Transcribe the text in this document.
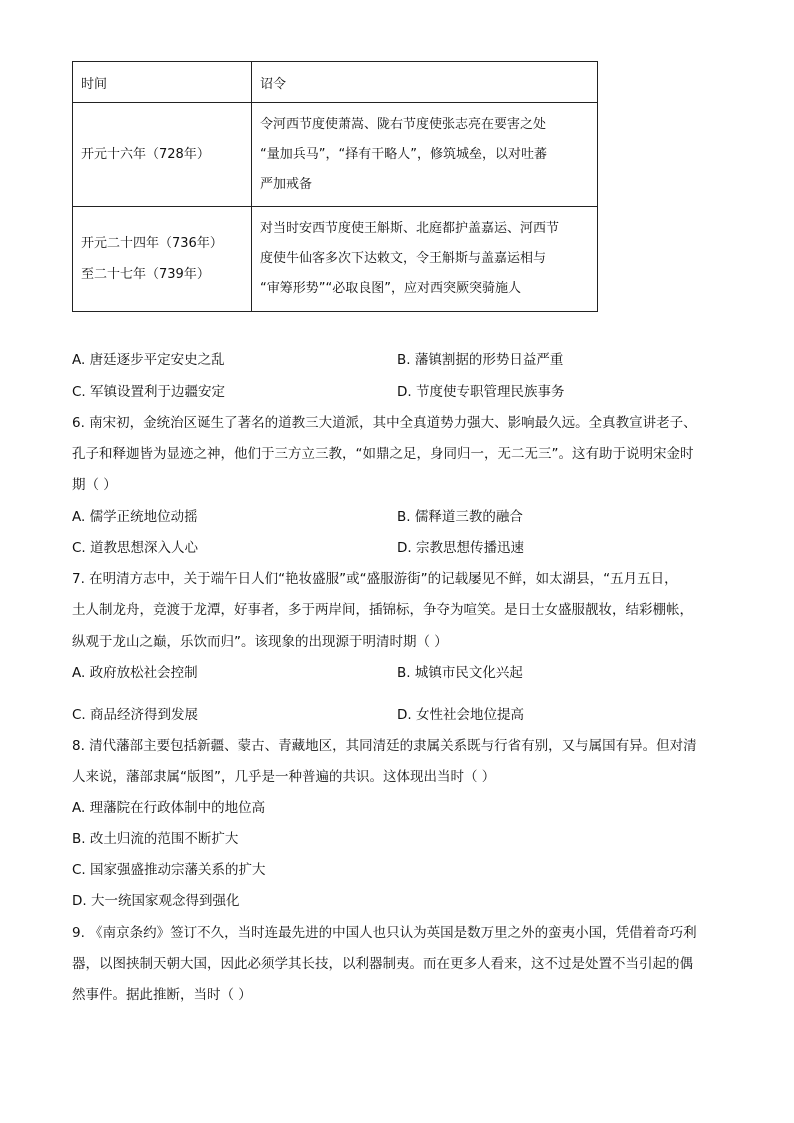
时间	诏令

开元十六年（728年）	令河西节度使萧嵩、陇右节度使张志亮在要害之处
“量加兵马”，“择有干略人”，修筑城垒，以对吐蕃
严加戒备

开元二十四年（736年）
至二十七年（739年）	对当时安西节度使王斛斯、北庭都护盖嘉运、河西节
度使牛仙客多次下达敕文，令王斛斯与盖嘉运相与
“审筹形势”“必取良图”，应对西突厥突骑施人
A. 唐廷逐步平定安史之乱	B. 藩镇割据的形势日益严重
C. 军镇设置利于边疆安定	D. 节度使专职管理民族事务
6. 南宋初，金统治区诞生了著名的道教三大道派，其中全真道势力强大、影响最久远。全真教宣讲老子、
孔子和释迦皆为显迹之神，他们于三方立三教，“如鼎之足，身同归一，无二无三”。这有助于说明宋金时
期（ ）
A. 儒学正统地位动摇	B. 儒释道三教的融合
C. 道教思想深入人心	D. 宗教思想传播迅速
7. 在明清方志中，关于端午日人们“艳妆盛服”或“盛服游街”的记载屡见不鲜，如太湖县，“五月五日，
土人制龙舟，竞渡于龙潭，好事者，多于两岸间，插锦标，争夺为喧笑。是日士女盛服靓妆，结彩棚帐，
纵观于龙山之巅，乐饮而归”。该现象的出现源于明清时期（ ）
A. 政府放松社会控制	B. 城镇市民文化兴起
C. 商品经济得到发展	D. 女性社会地位提高
8. 清代藩部主要包括新疆、蒙古、青藏地区，其同清廷的隶属关系既与行省有别，又与属国有异。但对清
人来说，藩部隶属“版图”，几乎是一种普遍的共识。这体现出当时（ ）
A. 理藩院在行政体制中的地位高
B. 改土归流的范围不断扩大
C. 国家强盛推动宗藩关系的扩大
D. 大一统国家观念得到强化
9. 《南京条约》签订不久，当时连最先进的中国人也只认为英国是数万里之外的蛮夷小国，凭借着奇巧利
器，以图挟制天朝大国，因此必须学其长技，以利器制夷。而在更多人看来，这不过是处置不当引起的偶
然事件。据此推断，当时（ ）
